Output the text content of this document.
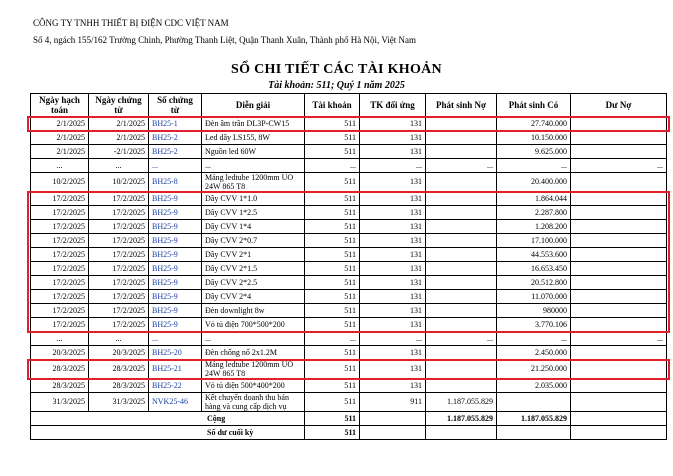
CÔNG TY TNHH THIẾT BỊ ĐIỆN CDC VIỆT NAM
Số 4, ngách 155/162 Trường Chinh, Phường Thanh Liệt, Quận Thanh Xuân, Thành phố Hà Nội, Việt Nam
SỔ CHI TIẾT CÁC TÀI KHOẢN
Tài khoản: 511; Quý 1 năm 2025
Ngày hạch toán	Ngày chứng từ	Số chứng từ	Diễn giải	Tài khoản	TK đối ứng	Phát sinh Nợ	Phát sinh Có	Dư Nợ
2/1/2025	2/1/2025	BH25-1	Đèn âm trần DL3P-CW15	511	131		27.740.000	
2/1/2025	2/1/2025	BH25-2	Led dây LS155, 8W	511	131		10.150.000	
2/1/2025	-2/1/2025	BH25-2	Nguồn led 60W	511	131		9.625.000	
...	...	...	...	...	...	...	...	...
10/2/2025	10/2/2025	BH25-8	Máng ledtube 1200mm UO 24W 865 T8	511	131		20.400.000	
17/2/2025	17/2/2025	BH25-9	Dây CVV 1*1.0	511	131		1.864.044	
17/2/2025	17/2/2025	BH25-9	Dây CVV 1*2.5	511	131		2.287.800	
17/2/2025	17/2/2025	BH25-9	Dây CVV 1*4	511	131		1.208.200	
17/2/2025	17/2/2025	BH25-9	Dây CVV 2*0.7	511	131		17.100.000	
17/2/2025	17/2/2025	BH25-9	Dây CVV 2*1	511	131		44.553.600	
17/2/2025	17/2/2025	BH25-9	Dây CVV 2*1.5	511	131		16.653.450	
17/2/2025	17/2/2025	BH25-9	Dây CVV 2*2.5	511	131		20.512.800	
17/2/2025	17/2/2025	BH25-9	Dây CVV 2*4	511	131		11.070.000	
17/2/2025	17/2/2025	BH25-9	Đèn downlight 8w	511	131		980000	
17/2/2025	17/2/2025	BH25-9	Vỏ tủ điện 700*500*200	511	131		3.770.106	
...	...	...	...	...	...	...	...	...
20/3/2025	20/3/2025	BH25-20	Đèn chống nổ 2x1.2M	511	131		2.450.000	
28/3/2025	28/3/2025	BH25-21	Máng ledtube 1200mm UO 24W 865 T8	511	131		21.250.000	
28/3/2025	28/3/2025	BH25-22	Vỏ tủ điện 500*400*200	511	131		2.035.000	
31/3/2025	31/3/2025	NVK25-46	Kết chuyển doanh thu bán hàng và cung cấp dịch vụ	511	911	1.187.055.829		
Cộng				511		1.187.055.829	1.187.055.829	
Số dư cuối kỳ				511				
